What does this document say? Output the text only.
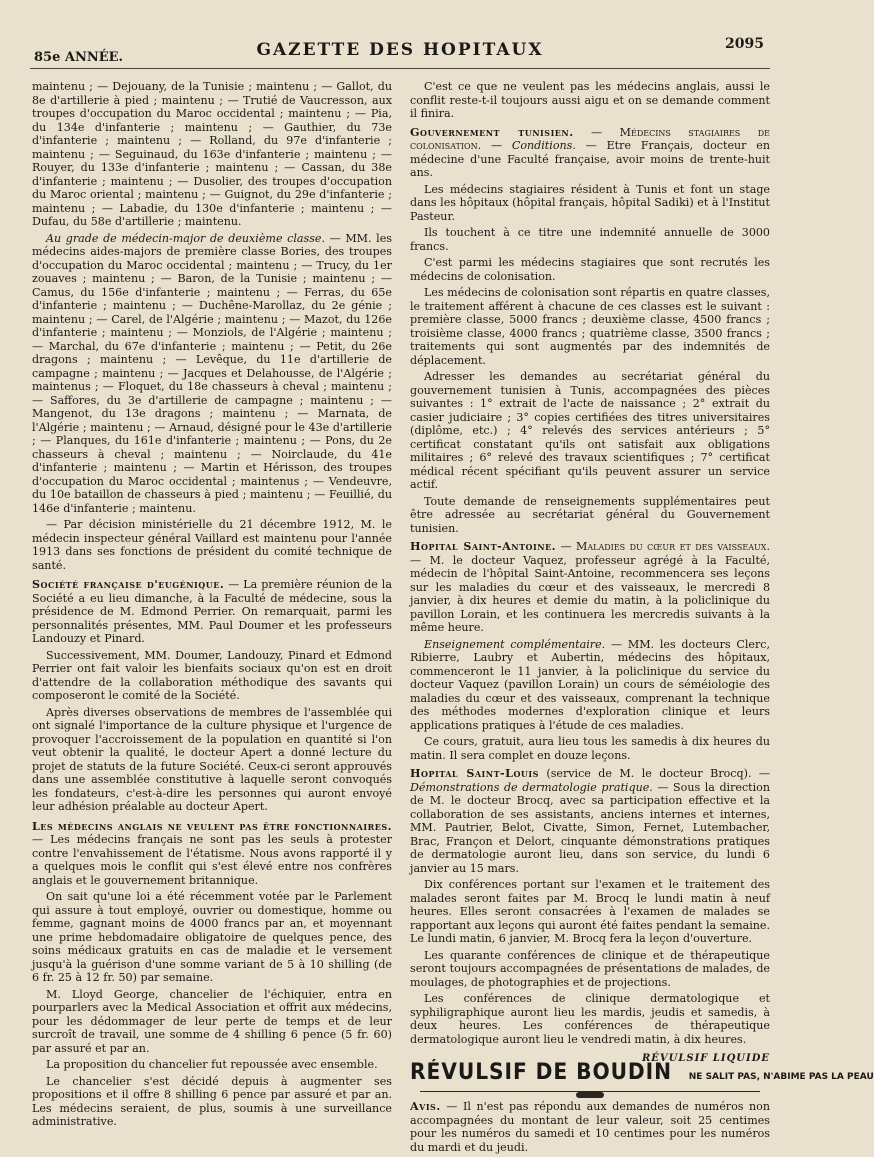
85e ANNÉE.	GAZETTE DES HOPITAUX	2095

maintenu ; — Dejouany, de la Tunisie ; maintenu ; — Gallot, du 8e d'artillerie à pied ; maintenu ; — Trutié de Vaucresson, aux troupes d'occupation du Maroc occidental ; maintenu ; — Pia, du 134e d'infanterie ; maintenu ; — Gauthier, du 73e d'infanterie ; maintenu ; — Rolland, du 97e d'infanterie ; maintenu ; — Seguinaud, du 163e d'infanterie ; maintenu ; — Rouyer, du 133e d'infanterie ; maintenu ; — Cassan, du 38e d'infanterie ; maintenu ; — Dusolier, des troupes d'occupation du Maroc oriental ; maintenu ; — Guignot, du 29e d'infanterie ; maintenu ; — Labadie, du 130e d'infanterie ; maintenu ; — Dufau, du 58e d'artillerie ; maintenu.

Au grade de médecin-major de deuxième classe. — MM. les médecins aides-majors de première classe Bories, des troupes d'occupation du Maroc occidental ; maintenu ; — Trucy, du 1er zouaves ; maintenu ; — Baron, de la Tunisie ; maintenu ; — Camus, du 156e d'infanterie ; maintenu ; — Ferras, du 65e d'infanterie ; maintenu ; — Duchêne-Marollaz, du 2e génie ; maintenu ; — Carel, de l'Algérie ; maintenu ; — Mazot, du 126e d'infanterie ; maintenu ; — Monziols, de l'Algérie ; maintenu ; — Marchal, du 67e d'infanterie ; maintenu ; — Petit, du 26e dragons ; maintenu ; — Levêque, du 11e d'artillerie de campagne ; maintenu ; — Jacques et Delahousse, de l'Algérie ; maintenus ; — Floquet, du 18e chasseurs à cheval ; maintenu ; — Saffores, du 3e d'artillerie de campagne ; maintenu ; — Mangenot, du 13e dragons ; maintenu ; — Marnata, de l'Algérie ; maintenu ; — Arnaud, désigné pour le 43e d'artillerie ; — Planques, du 161e d'infanterie ; maintenu ; — Pons, du 2e chasseurs à cheval ; maintenu ; — Noirclaude, du 41e d'infanterie ; maintenu ; — Martin et Hérisson, des troupes d'occupation du Maroc occidental ; maintenus ; — Vendeuvre, du 10e bataillon de chasseurs à pied ; maintenu ; — Feuillié, du 146e d'infanterie ; maintenu.

— Par décision ministérielle du 21 décembre 1912, M. le médecin inspecteur général Vaillard est maintenu pour l'année 1913 dans ses fonctions de président du comité technique de santé.

Société française d'eugénique. — La première réunion de la Société a eu lieu dimanche, à la Faculté de médecine, sous la présidence de M. Edmond Perrier. On remarquait, parmi les personnalités présentes, MM. Paul Doumer et les professeurs Landouzy et Pinard.

Successivement, MM. Doumer, Landouzy, Pinard et Edmond Perrier ont fait valoir les bienfaits sociaux qu'on est en droit d'attendre de la collaboration méthodique des savants qui composeront le comité de la Société.

Après diverses observations de membres de l'assemblée qui ont signalé l'importance de la culture physique et l'urgence de provoquer l'accroissement de la population en quantité si l'on veut obtenir la qualité, le docteur Apert a donné lecture du projet de statuts de la future Société. Ceux-ci seront approuvés dans une assemblée constitutive à laquelle seront convoqués les fondateurs, c'est-à-dire les personnes qui auront envoyé leur adhésion préalable au docteur Apert.

Les médecins anglais ne veulent pas être fonctionnaires. — Les médecins français ne sont pas les seuls à protester contre l'envahissement de l'étatisme. Nous avons rapporté il y a quelques mois le conflit qui s'est élevé entre nos confrères anglais et le gouvernement britannique.

On sait qu'une loi a été récemment votée par le Parlement qui assure à tout employé, ouvrier ou domestique, homme ou femme, gagnant moins de 4000 francs par an, et moyennant une prime hebdomadaire obligatoire de quelques pence, des soins médicaux gratuits en cas de maladie et le versement jusqu'à la guérison d'une somme variant de 5 à 10 shilling (de 6 fr. 25 à 12 fr. 50) par semaine.

M. Lloyd George, chancelier de l'échiquier, entra en pourparlers avec la Medical Association et offrit aux médecins, pour les dédommager de leur perte de temps et de leur surcroît de travail, une somme de 4 shilling 6 pence (5 fr. 60) par assuré et par an.

La proposition du chancelier fut repoussée avec ensemble.

Le chancelier s'est décidé depuis à augmenter ses propositions et il offre 8 shilling 6 pence par assuré et par an. Les médecins seraient, de plus, soumis à une surveillance administrative.

C'est ce que ne veulent pas les médecins anglais, aussi le conflit reste-t-il toujours aussi aigu et on se demande comment il finira.

Gouvernement tunisien. — Médecins stagiaires de colonisation. — Conditions. — Etre Français, docteur en médecine d'une Faculté française, avoir moins de trente-huit ans.

Les médecins stagiaires résident à Tunis et font un stage dans les hôpitaux (hôpital français, hôpital Sadiki) et à l'Institut Pasteur.

Ils touchent à ce titre une indemnité annuelle de 3000 francs.

C'est parmi les médecins stagiaires que sont recrutés les médecins de colonisation.

Les médecins de colonisation sont répartis en quatre classes, le traitement afférent à chacune de ces classes est le suivant : première classe, 5000 francs ; deuxième classe, 4500 francs ; troisième classe, 4000 francs ; quatrième classe, 3500 francs ; traitements qui sont augmentés par des indemnités de déplacement.

Adresser les demandes au secrétariat général du gouvernement tunisien à Tunis, accompagnées des pièces suivantes : 1° extrait de l'acte de naissance ; 2° extrait du casier judiciaire ; 3° copies certifiées des titres universitaires (diplôme, etc.) ; 4° relevés des services antérieurs ; 5° certificat constatant qu'ils ont satisfait aux obligations militaires ; 6° relevé des travaux scientifiques ; 7° certificat médical récent spécifiant qu'ils peuvent assurer un service actif.

Toute demande de renseignements supplémentaires peut être adressée au secrétariat général du Gouvernement tunisien.

Hopital Saint-Antoine. — Maladies du cœur et des vaisseaux. — M. le docteur Vaquez, professeur agrégé à la Faculté, médecin de l'hôpital Saint-Antoine, recommencera ses leçons sur les maladies du cœur et des vaisseaux, le mercredi 8 janvier, à dix heures et demie du matin, à la policlinique du pavillon Lorain, et les continuera les mercredis suivants à la même heure.

Enseignement complémentaire. — MM. les docteurs Clerc, Ribierre, Laubry et Aubertin, médecins des hôpitaux, commenceront le 11 janvier, à la policlinique du service du docteur Vaquez (pavillon Lorain) un cours de séméiologie des maladies du cœur et des vaisseaux, comprenant la technique des méthodes modernes d'exploration clinique et leurs applications pratiques à l'étude de ces maladies.

Ce cours, gratuit, aura lieu tous les samedis à dix heures du matin. Il sera complet en douze leçons.

Hopital Saint-Louis (service de M. le docteur Brocq). — Démonstrations de dermatologie pratique. — Sous la direction de M. le docteur Brocq, avec sa participation effective et la collaboration de ses assistants, anciens internes et internes, MM. Pautrier, Belot, Civatte, Simon, Fernet, Lutembacher, Brac, Françon et Delort, cinquante démonstrations pratiques de dermatologie auront lieu, dans son service, du lundi 6 janvier au 15 mars.

Dix conférences portant sur l'examen et le traitement des malades seront faites par M. Brocq le lundi matin à neuf heures. Elles seront consacrées à l'examen de malades se rapportant aux leçons qui auront été faites pendant la semaine. Le lundi matin, 6 janvier, M. Brocq fera la leçon d'ouverture.

Les quarante conférences de clinique et de thérapeutique seront toujours accompagnées de présentations de malades, de moulages, de photographies et de projections.

Les conférences de clinique dermatologique et syphiligraphique auront lieu les mardis, jeudis et samedis, à deux heures. Les conférences de thérapeutique dermatologique auront lieu le vendredi matin, à dix heures.

RÉVULSIF LIQUIDE
RÉVULSIF DE BOUDIN NE SALIT PAS, N'ABIME PAS LA PEAU

Avis. — Il n'est pas répondu aux demandes de numéros non accompagnées du montant de leur valeur, soit 25 centimes pour les numéros du samedi et 10 centimes pour les numéros du mardi et du jeudi.
